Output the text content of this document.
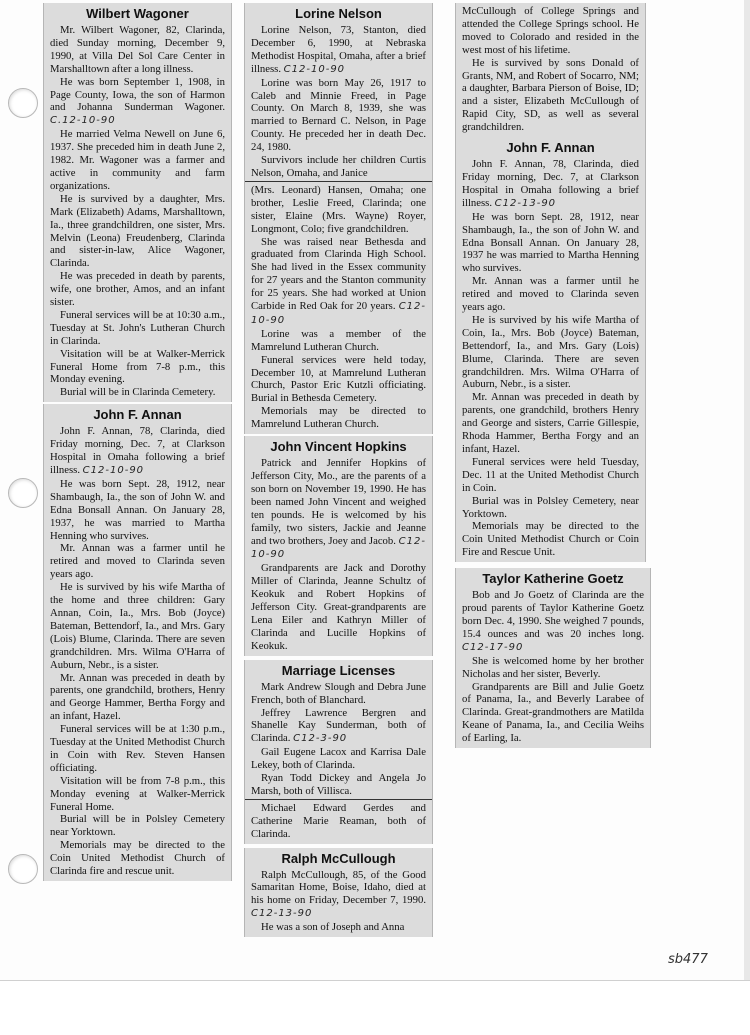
Wilbert Wagoner

Mr. Wilbert Wagoner, 82, Clarinda, died Sunday morning, December 9, 1990, at Villa Del Sol Care Center in Marshalltown after a long illness.

He was born September 1, 1908, in Page County, Iowa, the son of Harmon and Johanna Sunderman Wagoner. C.12-10-90

He married Velma Newell on June 6, 1937. She preceded him in death June 2, 1982. Mr. Wagoner was a farmer and active in community and farm organizations.

He is survived by a daughter, Mrs. Mark (Elizabeth) Adams, Marshalltown, Ia., three grandchildren, one sister, Mrs. Melvin (Leona) Freudenberg, Clarinda and sister-in-law, Alice Wagoner, Clarinda.

He was preceded in death by parents, wife, one brother, Amos, and an infant sister.

Funeral services will be at 10:30 a.m., Tuesday at St. John's Lutheran Church in Clarinda.

Visitation will be at Walker-Merrick Funeral Home from 7-8 p.m., this Monday evening.

Burial will be in Clarinda Cemetery.

John F. Annan

John F. Annan, 78, Clarinda, died Friday morning, Dec. 7, at Clarkson Hospital in Omaha following a brief illness. C12-10-90

He was born Sept. 28, 1912, near Shambaugh, Ia., the son of John W. and Edna Bonsall Annan. On January 28, 1937, he was married to Martha Henning who survives.

Mr. Annan was a farmer until he retired and moved to Clarinda seven years ago.

He is survived by his wife Martha of the home and three children: Gary Annan, Coin, Ia., Mrs. Bob (Joyce) Bateman, Bettendorf, Ia., and Mrs. Gary (Lois) Blume, Clarinda. There are seven grandchildren. Mrs. Wilma O'Harra of Auburn, Nebr., is a sister.

Mr. Annan was preceded in death by parents, one grandchild, brothers, Henry and George Hammer, Bertha Forgy and an infant, Hazel.

Funeral services will be at 1:30 p.m., Tuesday at the United Methodist Church in Coin with Rev. Steven Hansen officiating.

Visitation will be from 7-8 p.m., this Monday evening at Walker-Merrick Funeral Home.

Burial will be in Polsley Cemetery near Yorktown.

Memorials may be directed to the Coin United Methodist Church of Clarinda fire and rescue unit.

Lorine Nelson

Lorine Nelson, 73, Stanton, died December 6, 1990, at Nebraska Methodist Hospital, Omaha, after a brief illness. C12-10-90

Lorine was born May 26, 1917 to Caleb and Minnie Freed, in Page County. On March 8, 1939, she was married to Bernard C. Nelson, in Page County. He preceded her in death Dec. 24, 1980.

Survivors include her children Curtis Nelson, Omaha, and Janice

(Mrs. Leonard) Hansen, Omaha; one brother, Leslie Freed, Clarinda; one sister, Elaine (Mrs. Wayne) Royer, Longmont, Colo; five grandchildren.

She was raised near Bethesda and graduated from Clarinda High School. She had lived in the Essex community for 27 years and the Stanton community for 25 years. She had worked at Union Carbide in Red Oak for 20 years. C12-10-90

Lorine was a member of the Mamrelund Lutheran Church.

Funeral services were held today, December 10, at Mamrelund Lutheran Church, Pastor Eric Kutzli officiating. Burial in Bethesda Cemetery.

Memorials may be directed to Mamrelund Lutheran Church.

John Vincent Hopkins

Patrick and Jennifer Hopkins of Jefferson City, Mo., are the parents of a son born on November 19, 1990. He has been named John Vincent and weighed ten pounds. He is welcomed by his family, two sisters, Jackie and Jeanne and two brothers, Joey and Jacob. C12-10-90

Grandparents are Jack and Dorothy Miller of Clarinda, Jeanne Schultz of Keokuk and Robert Hopkins of Jefferson City. Great-grandparents are Lena Eiler and Kathryn Miller of Clarinda and Lucille Hopkins of Keokuk.

Marriage Licenses

Mark Andrew Slough and Debra June French, both of Blanchard.

Jeffrey Lawrence Bergren and Shanelle Kay Sunderman, both of Clarinda. C12-3-90

Gail Eugene Lacox and Karrisa Dale Lekey, both of Clarinda.

Ryan Todd Dickey and Angela Jo Marsh, both of Villisca.

Michael Edward Gerdes and Catherine Marie Reaman, both of Clarinda.

Ralph McCullough

Ralph McCullough, 85, of the Good Samaritan Home, Boise, Idaho, died at his home on Friday, December 7, 1990. C12-13-90

He was a son of Joseph and Anna

McCullough of College Springs and attended the College Springs school. He moved to Colorado and resided in the west most of his lifetime.

He is survived by sons Donald of Grants, NM, and Robert of Socarro, NM; a daughter, Barbara Pierson of Boise, ID; and a sister, Elizabeth McCullough of Rapid City, SD, as well as several grandchildren.

John F. Annan

John F. Annan, 78, Clarinda, died Friday morning, Dec. 7, at Clarkson Hospital in Omaha following a brief illness. C12-13-90

He was born Sept. 28, 1912, near Shambaugh, Ia., the son of John W. and Edna Bonsall Annan. On January 28, 1937 he was married to Martha Henning who survives.

Mr. Annan was a farmer until he retired and moved to Clarinda seven years ago.

He is survived by his wife Martha of Coin, Ia., Mrs. Bob (Joyce) Bateman, Bettendorf, Ia., and Mrs. Gary (Lois) Blume, Clarinda. There are seven grandchildren. Mrs. Wilma O'Harra of Auburn, Nebr., is a sister.

Mr. Annan was preceded in death by parents, one grandchild, brothers Henry and George and sisters, Carrie Gillespie, Rhoda Hammer, Bertha Forgy and an infant, Hazel.

Funeral services were held Tuesday, Dec. 11 at the United Methodist Church in Coin.

Burial was in Polsley Cemetery, near Yorktown.

Memorials may be directed to the Coin United Methodist Church or Coin Fire and Rescue Unit.

Taylor Katherine Goetz

Bob and Jo Goetz of Clarinda are the proud parents of Taylor Katherine Goetz born Dec. 4, 1990. She weighed 7 pounds, 15.4 ounces and was 20 inches long. C12-17-90

She is welcomed home by her brother Nicholas and her sister, Beverly.

Grandparents are Bill and Julie Goetz of Panama, Ia., and Beverly Larabee of Clarinda. Great-grandmothers are Matilda Keane of Panama, Ia., and Cecilia Weihs of Earling, Ia.

sb477
